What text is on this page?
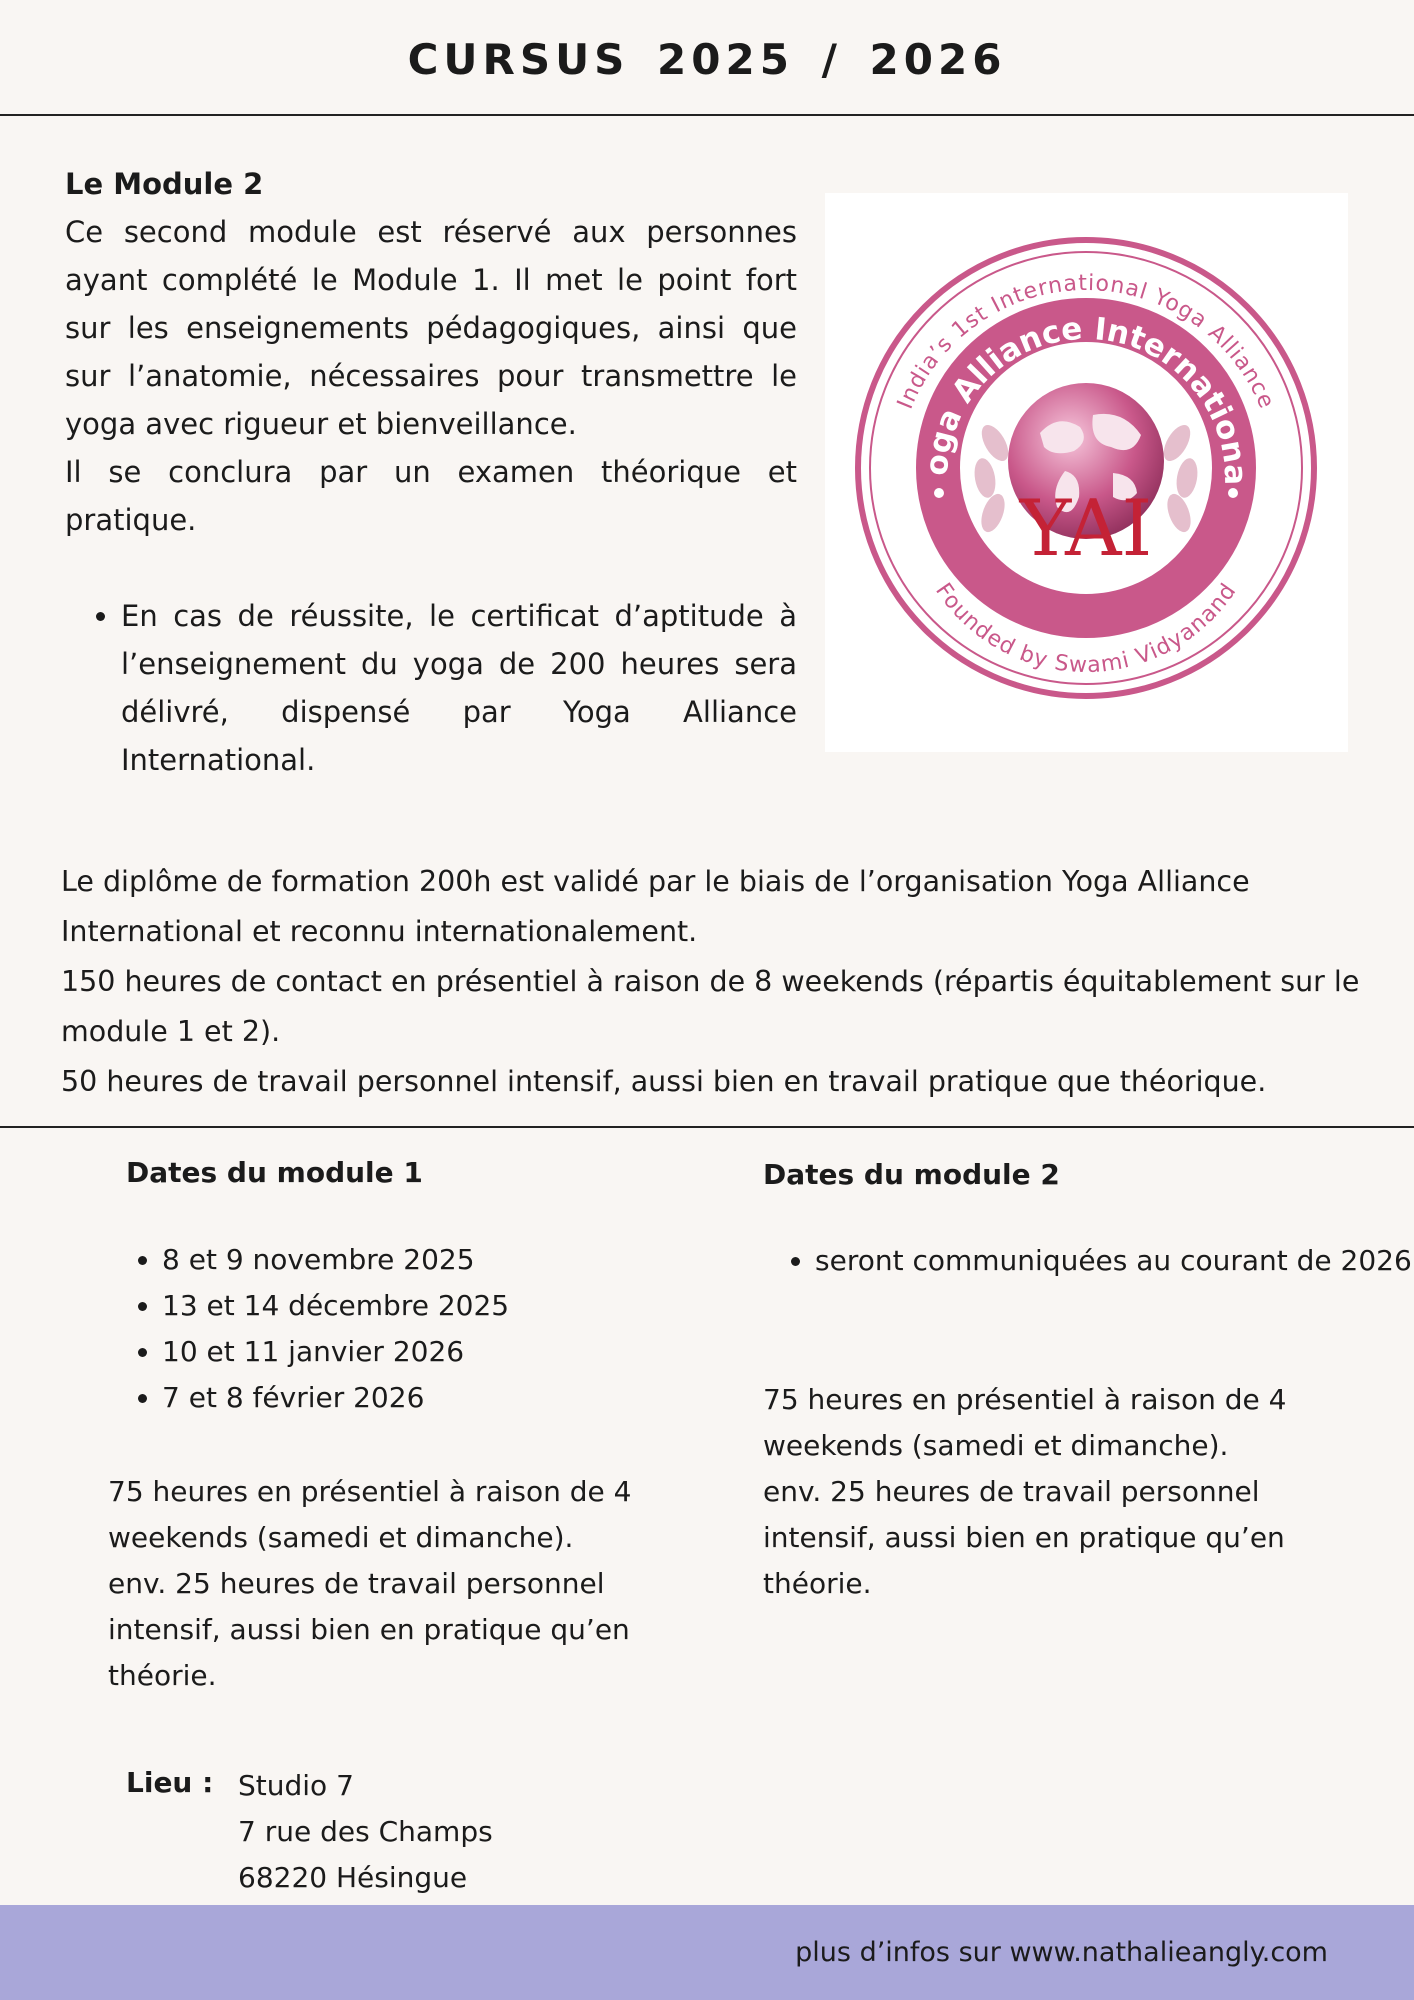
CURSUS 2025 / 2026
Le Module 2
Ce second module est réservé aux personnes ayant complété le Module 1. Il met le point fort sur les enseignements pédagogiques, ainsi que sur l’anatomie, nécessaires pour transmettre le yoga avec rigueur et bienveillance.
Il se conclura par un examen théorique et pratique.
• En cas de réussite, le certificat d’aptitude à l’enseignement du yoga de 200 heures sera délivré, dispensé par Yoga Alliance International.
YAI
India’s 1st International Yoga Alliance
oga Alliance Internationa
Founded by Swami Vidyanand
Le diplôme de formation 200h est validé par le biais de l’organisation Yoga Alliance International et reconnu internationalement.
150 heures de contact en présentiel à raison de 8 weekends (répartis équitablement sur le module 1 et 2).
50 heures de travail personnel intensif, aussi bien en travail pratique que théorique.
Dates du module 1
• 8 et 9 novembre 2025
• 13 et 14 décembre 2025
• 10 et 11 janvier 2026
• 7 et 8 février 2026
75 heures en présentiel à raison de 4 weekends (samedi et dimanche).
env. 25 heures de travail personnel intensif, aussi bien en pratique qu’en théorie.
Dates du module 2
• seront communiquées au courant de 2026
75 heures en présentiel à raison de 4 weekends (samedi et dimanche).
env. 25 heures de travail personnel intensif, aussi bien en pratique qu’en théorie.
Lieu : Studio 7
7 rue des Champs
68220 Hésingue
plus d’infos sur www.nathalieangly.com
